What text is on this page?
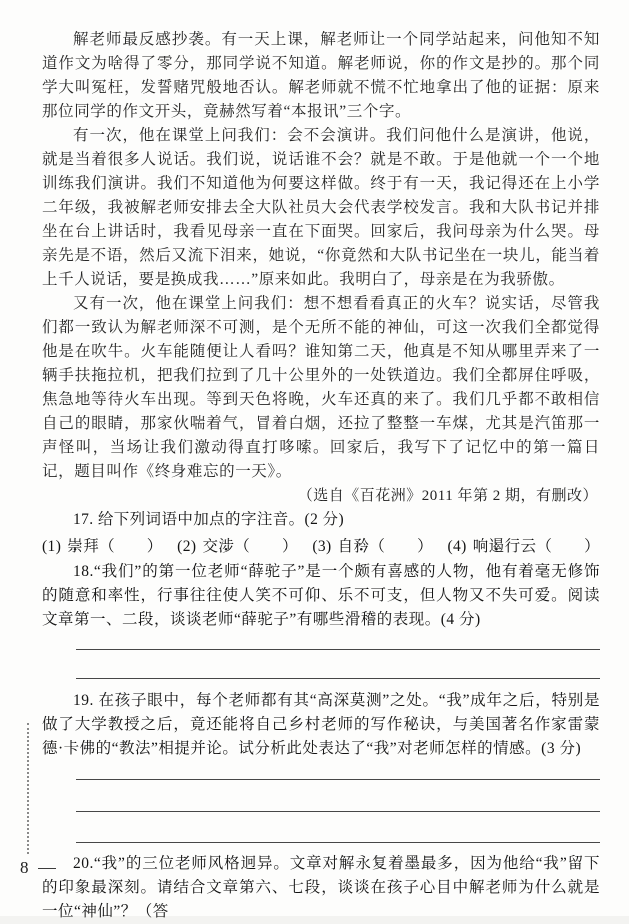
解老师最反感抄袭。有一天上课，解老师让一个同学站起来，问他知不知道作文为啥得了零分，那同学说不知道。解老师说，你的作文是抄的。那个同学大叫冤枉，发誓赌咒般地否认。解老师就不慌不忙地拿出了他的证据：原来那位同学的作文开头，竟赫然写着“本报讯”三个字。

有一次，他在课堂上问我们：会不会演讲。我们问他什么是演讲，他说，就是当着很多人说话。我们说，说话谁不会？就是不敢。于是他就一个一个地训练我们演讲。我们不知道他为何要这样做。终于有一天，我记得还在上小学二年级，我被解老师安排去全大队社员大会代表学校发言。我和大队书记并排坐在台上讲话时，我看见母亲一直在下面哭。回家后，我问母亲为什么哭。母亲先是不语，然后又流下泪来，她说，“你竟然和大队书记坐在一块儿，能当着上千人说话，要是换成我……”原来如此。我明白了，母亲是在为我骄傲。

又有一次，他在课堂上问我们：想不想看看真正的火车？说实话，尽管我们都一致认为解老师深不可测，是个无所不能的神仙，可这一次我们全都觉得他是在吹牛。火车能随便让人看吗？谁知第二天，他真是不知从哪里弄来了一辆手扶拖拉机，把我们拉到了几十公里外的一处铁道边。我们全都屏住呼吸，焦急地等待火车出现。等到天色将晚，火车还真的来了。我们几乎都不敢相信自己的眼睛，那家伙喘着气，冒着白烟，还拉了整整一车煤，尤其是汽笛那一声怪叫，当场让我们激动得直打哆嗦。回家后，我写下了记忆中的第一篇日记，题目叫作《终身难忘的一天》。

（选自《百花洲》2011 年第 2 期，有删改）

17. 给下列词语中加点的字注音。(2 分)

(1) 崇 •拜（　　） (2) 交涉 •（　　） (3) 自矜 •（　　） (4) 响遏 •行云（　　）

18.“我们”的第一位老师“薛驼子”是一个颇有喜感的人物，他有着毫无修饰的随意和率性，行事往往使人笑不可仰、乐不可支，但人物又不失可爱。阅读文章第一、二段，谈谈老师“薛驼子”有哪些滑稽的表现。(4 分)

19. 在孩子眼中，每个老师都有其“高深莫测”之处。“我”成年之后，特别是做了大学教授之后，竟还能将自己乡村老师的写作秘诀，与美国著名作家雷蒙德·卡佛的“教法”相提并论。试分析此处表达了“我”对老师怎样的情感。(3 分)

20.“我”的三位老师风格迥异。文章对解永复着墨最多，因为他给“我”留下的印象最深刻。请结合文章第六、七段，谈谈在孩子心目中解老师为什么就是一位“神仙”？（答

8
